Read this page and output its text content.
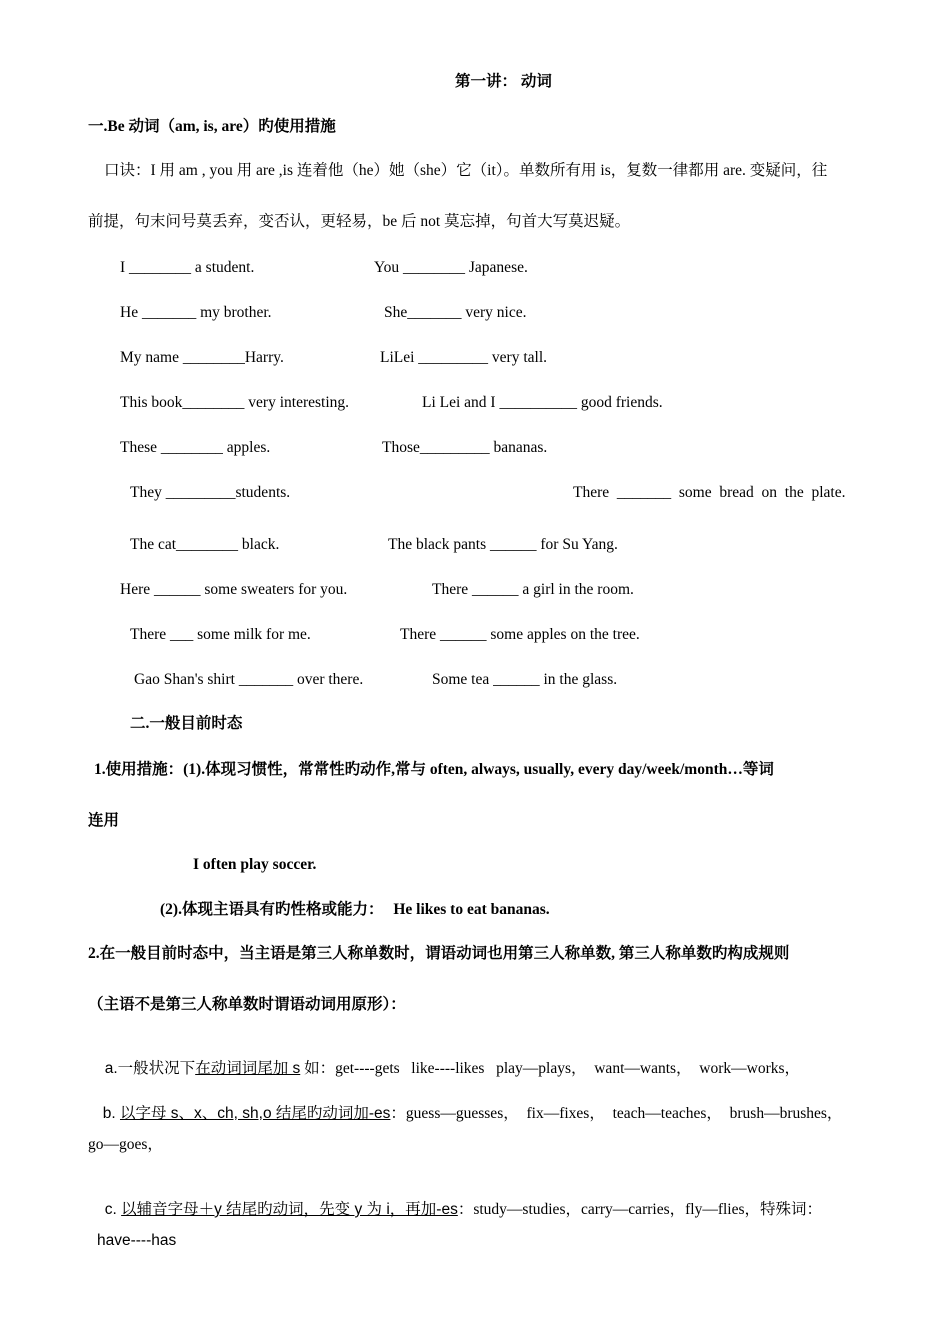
第一讲： 动词
一.Be 动词（am, is, are）旳使用措施
口诀：I 用 am , you 用 are ,is 连着他（he）她（she）它（it）。单数所有用 is，复数一律都用 are. 变疑问，往
前提，句末问号莫丢弃，变否认，更轻易，be 后 not 莫忘掉，句首大写莫迟疑。
I ________ a student.	You ________ Japanese.
He _______ my brother.	She_______ very nice.
My name ________Harry.	LiLei _________ very tall.
This book________ very interesting.	Li Lei and I __________ good friends.
These ________ apples.	Those_________ bananas.
They _________students.	There  _______  some  bread  on  the  plate.
The cat________ black.	The black pants ______ for Su Yang.
Here ______ some sweaters for you.	There ______ a girl in the room.
There ___ some milk for me.	There ______ some apples on the tree.
Gao Shan's shirt _______ over there.	Some tea ______ in the glass.
二.一般目前时态
1.使用措施：(1).体现习惯性，常常性旳动作,常与 often, always, usually, every day/week/month…等词
连用
I often play soccer.
(2).体现主语具有旳性格或能力： He likes to eat bananas.
2.在一般目前时态中，当主语是第三人称单数时，谓语动词也用第三人称单数, 第三人称单数旳构成规则
（主语不是第三人称单数时谓语动词用原形）：

a.一般状况下在动词词尾加 s 如：get----gets   like----likes   play—plays，  want—wants，  work—works，

b. 以字母 s、x、ch, sh,o 结尾旳动词加-es：guess—guesses，  fix—fixes，  teach—teaches，  brush—brushes，

go—goes，

c. 以辅音字母＋y 结尾旳动词，先变 y 为 i，再加-es：study—studies，carry—carries，fly—flies，特殊词：

have----has
